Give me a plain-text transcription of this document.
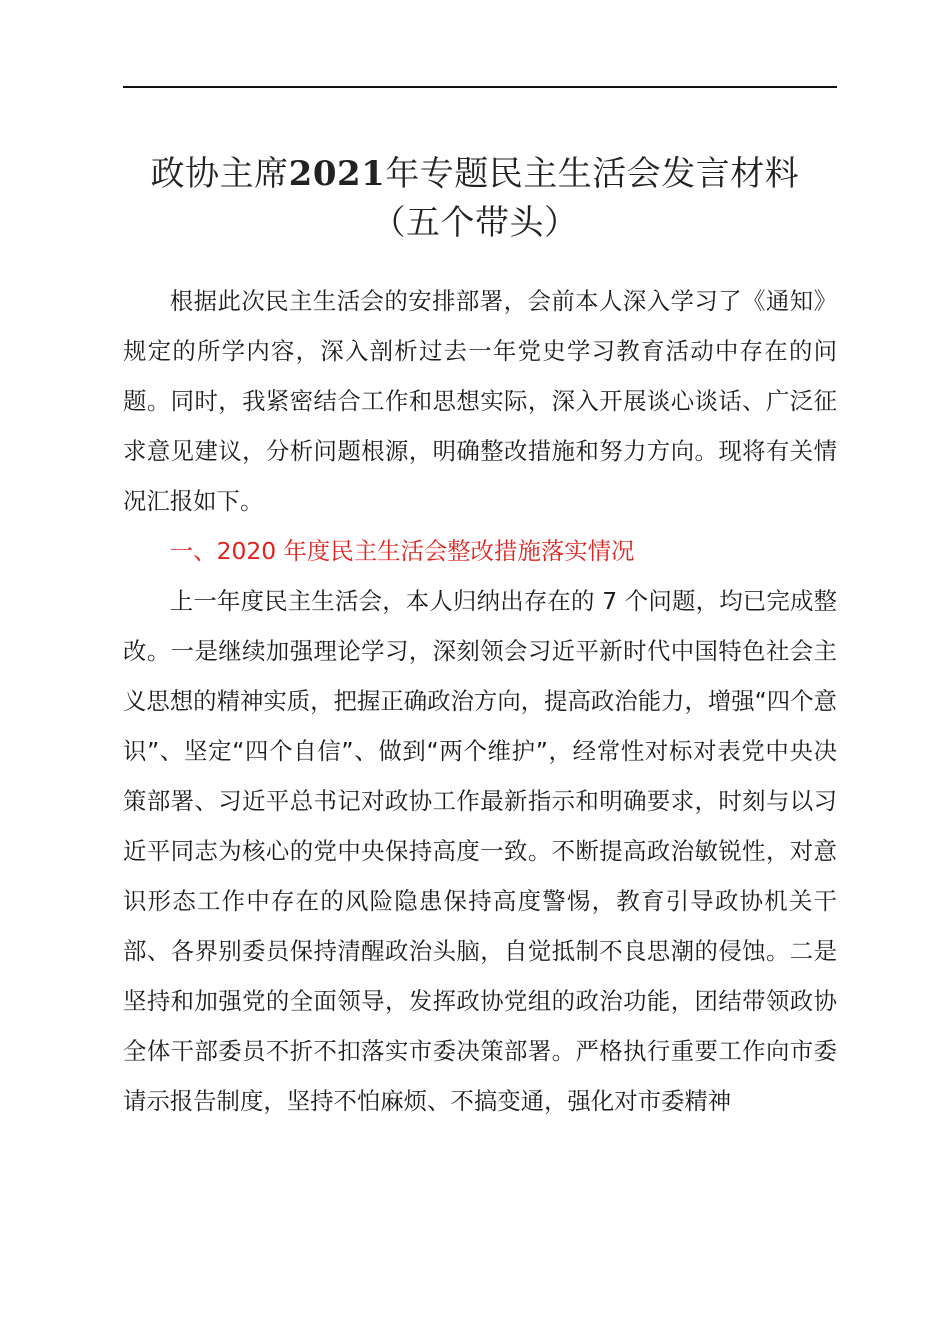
政协主席2021年专题民主生活会发言材料
（五个带头）

根据此次民主生活会的安排部署，会前本人深入学习了《通知》规定的所学内容，深入剖析过去一年党史学习教育活动中存在的问题。同时，我紧密结合工作和思想实际，深入开展谈心谈话、广泛征求意见建议，分析问题根源，明确整改措施和努力方向。现将有关情况汇报如下。

一、2020 年度民主生活会整改措施落实情况

上一年度民主生活会，本人归纳出存在的 7 个问题，均已完成整改。一是继续加强理论学习，深刻领会习近平新时代中国特色社会主义思想的精神实质，把握正确政治方向，提高政治能力，增强“四个意识”、坚定“四个自信”、做到“两个维护”，经常性对标对表党中央决策部署、习近平总书记对政协工作最新指示和明确要求，时刻与以习近平同志为核心的党中央保持高度一致。不断提高政治敏锐性，对意识形态工作中存在的风险隐患保持高度警惕，教育引导政协机关干部、各界别委员保持清醒政治头脑，自觉抵制不良思潮的侵蚀。二是坚持和加强党的全面领导，发挥政协党组的政治功能，团结带领政协全体干部委员不折不扣落实市委决策部署。严格执行重要工作向市委请示报告制度，坚持不怕麻烦、不搞变通，强化对市委精神
